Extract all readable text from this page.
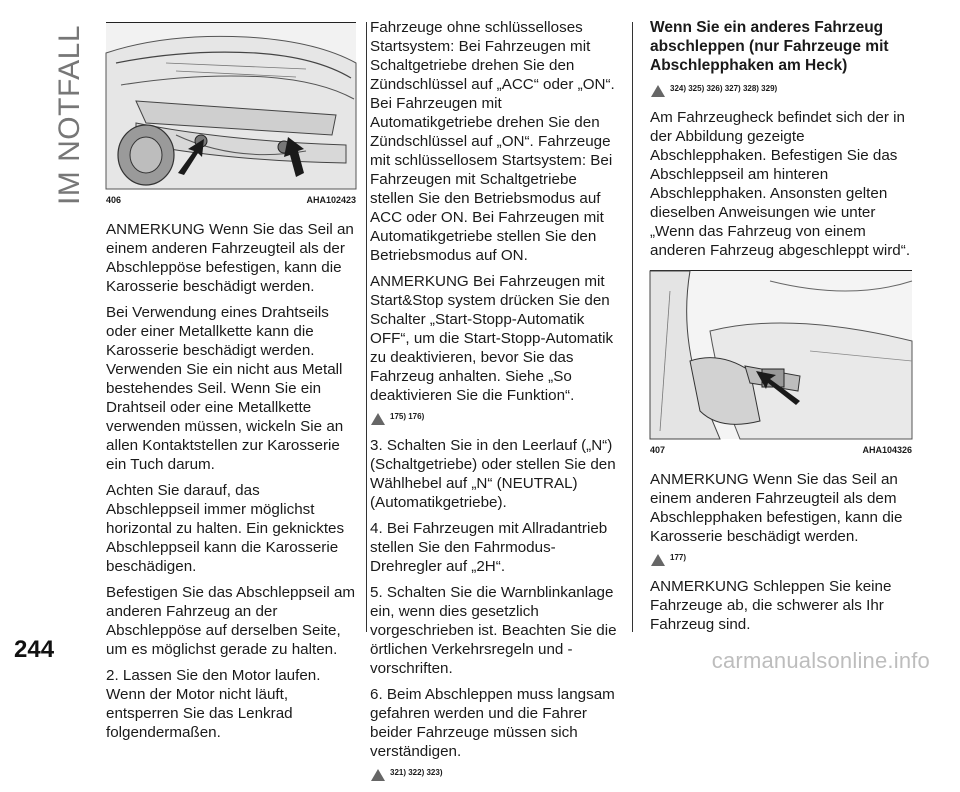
IM NOTFALL 406	AHA102423

ANMERKUNG Wenn Sie das Seil an einem anderen Fahrzeugteil als der Abschleppöse befestigen, kann die Karosserie beschädigt werden.

Bei Verwendung eines Drahtseils oder einer Metallkette kann die Karosserie beschädigt werden. Verwenden Sie ein nicht aus Metall bestehendes Seil. Wenn Sie ein Drahtseil oder eine Metallkette verwenden müssen, wickeln Sie an allen Kontaktstellen zur Karosserie ein Tuch darum.

Achten Sie darauf, das Abschleppseil immer möglichst horizontal zu halten. Ein geknicktes Abschleppseil kann die Karosserie beschädigen.

Befestigen Sie das Abschleppseil am anderen Fahrzeug an der Abschleppöse auf derselben Seite, um es möglichst gerade zu halten.

2. Lassen Sie den Motor laufen. Wenn der Motor nicht läuft, entsperren Sie das Lenkrad folgendermaßen.

Fahrzeuge ohne schlüsselloses Startsystem: Bei Fahrzeugen mit Schaltgetriebe drehen Sie den Zündschlüssel auf „ACC“ oder „ON“. Bei Fahrzeugen mit Automatikgetriebe drehen Sie den Zündschlüssel auf „ON“. Fahrzeuge mit schlüssellosem Startsystem: Bei Fahrzeugen mit Schaltgetriebe stellen Sie den Betriebsmodus auf ACC oder ON. Bei Fahrzeugen mit Automatikgetriebe stellen Sie den Betriebsmodus auf ON.

ANMERKUNG Bei Fahrzeugen mit Start&Stop system drücken Sie den Schalter „Start-Stopp-Automatik OFF“, um die Start-Stopp-Automatik zu deaktivieren, bevor Sie das Fahrzeug anhalten. Siehe „So deaktivieren Sie die Funktion“.

175) 176)

3. Schalten Sie in den Leerlauf („N“) (Schaltgetriebe) oder stellen Sie den Wählhebel auf „N“ (NEUTRAL) (Automatikgetriebe).

4. Bei Fahrzeugen mit Allradantrieb stellen Sie den Fahrmodus-Drehregler auf „2H“.

5. Schalten Sie die Warnblinkanlage ein, wenn dies gesetzlich vorgeschrieben ist. Beachten Sie die örtlichen Verkehrsregeln und -vorschriften.

6. Beim Abschleppen muss langsam gefahren werden und die Fahrer beider Fahrzeuge müssen sich verständigen.

321) 322) 323)
Wenn Sie ein anderes Fahrzeug abschleppen (nur Fahrzeuge mit Abschlepphaken am Heck)
324) 325) 326) 327) 328) 329)

Am Fahrzeugheck befindet sich der in der Abbildung gezeigte Abschlepphaken. Befestigen Sie das Abschleppseil am hinteren Abschlepphaken. Ansonsten gelten dieselben Anweisungen wie unter „Wenn das Fahrzeug von einem anderen Fahrzeug abgeschleppt wird“.

407	AHA104326

ANMERKUNG Wenn Sie das Seil an einem anderen Fahrzeugteil als dem Abschlepphaken befestigen, kann die Karosserie beschädigt werden.

177)

ANMERKUNG Schleppen Sie keine Fahrzeuge ab, die schwerer als Ihr Fahrzeug sind.

244	carmanualsonline.info
